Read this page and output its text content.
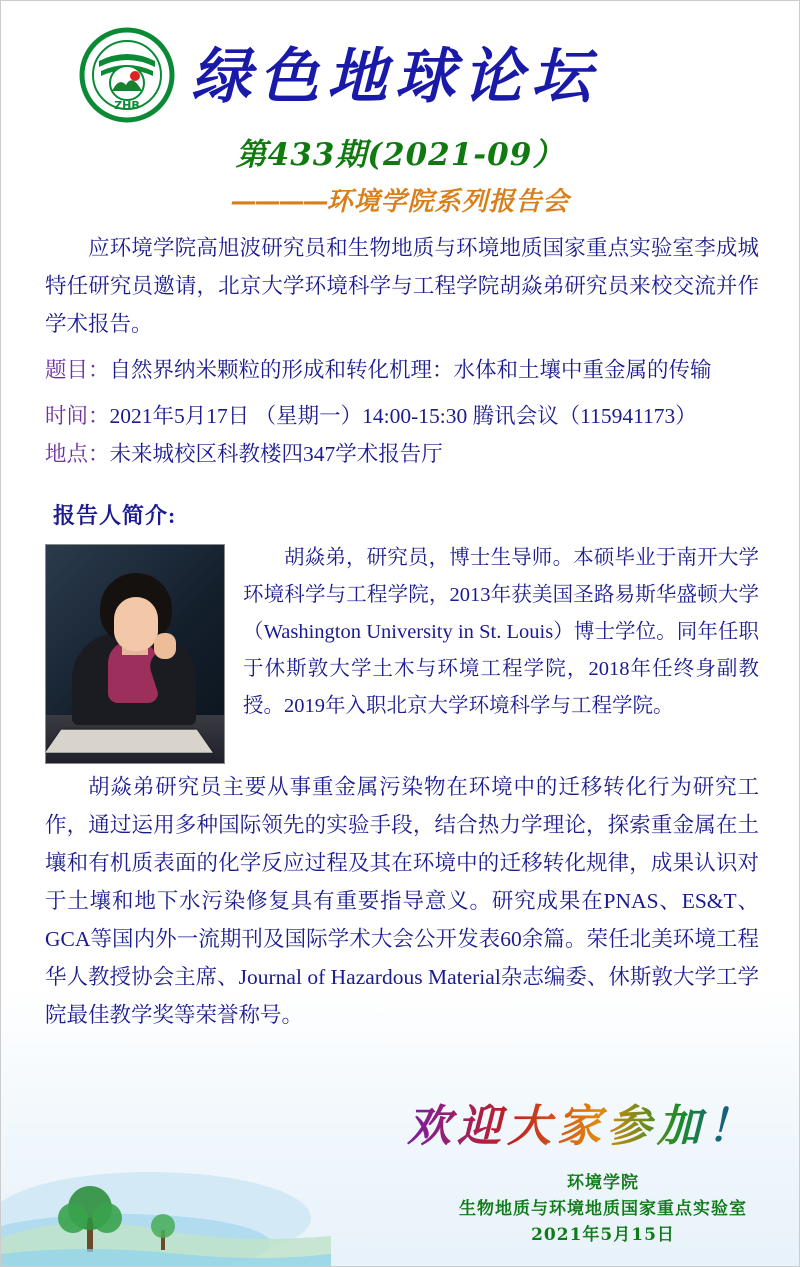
ZHB 绿色地球论坛
第433期(2021-09）
————环境学院系列报告会

应环境学院高旭波研究员和生物地质与环境地质国家重点实验室李成城特任研究员邀请，北京大学环境科学与工程学院胡焱弟研究员来校交流并作学术报告。

题目：自然界纳米颗粒的形成和转化机理：水体和土壤中重金属的传输

时间：2021年5月17日 （星期一）14:00-15:30 腾讯会议（115941173）

地点：未来城校区科教楼四347学术报告厅

报告人简介:

胡焱弟，研究员，博士生导师。本硕毕业于南开大学环境科学与工程学院，2013年获美国圣路易斯华盛顿大学（Washington University in St. Louis）博士学位。同年任职于休斯敦大学土木与环境工程学院，2018年任终身副教授。2019年入职北京大学环境科学与工程学院。

胡焱弟研究员主要从事重金属污染物在环境中的迁移转化行为研究工作，通过运用多种国际领先的实验手段，结合热力学理论，探索重金属在土壤和有机质表面的化学反应过程及其在环境中的迁移转化规律，成果认识对于土壤和地下水污染修复具有重要指导意义。研究成果在PNAS、ES&T、GCA等国内外一流期刊及国际学术大会公开发表60余篇。荣任北美环境工程华人教授协会主席、Journal of Hazardous Material杂志编委、休斯敦大学工学院最佳教学奖等荣誉称号。

欢迎大家参加！
环境学院
生物地质与环境地质国家重点实验室
2021年5月15日
